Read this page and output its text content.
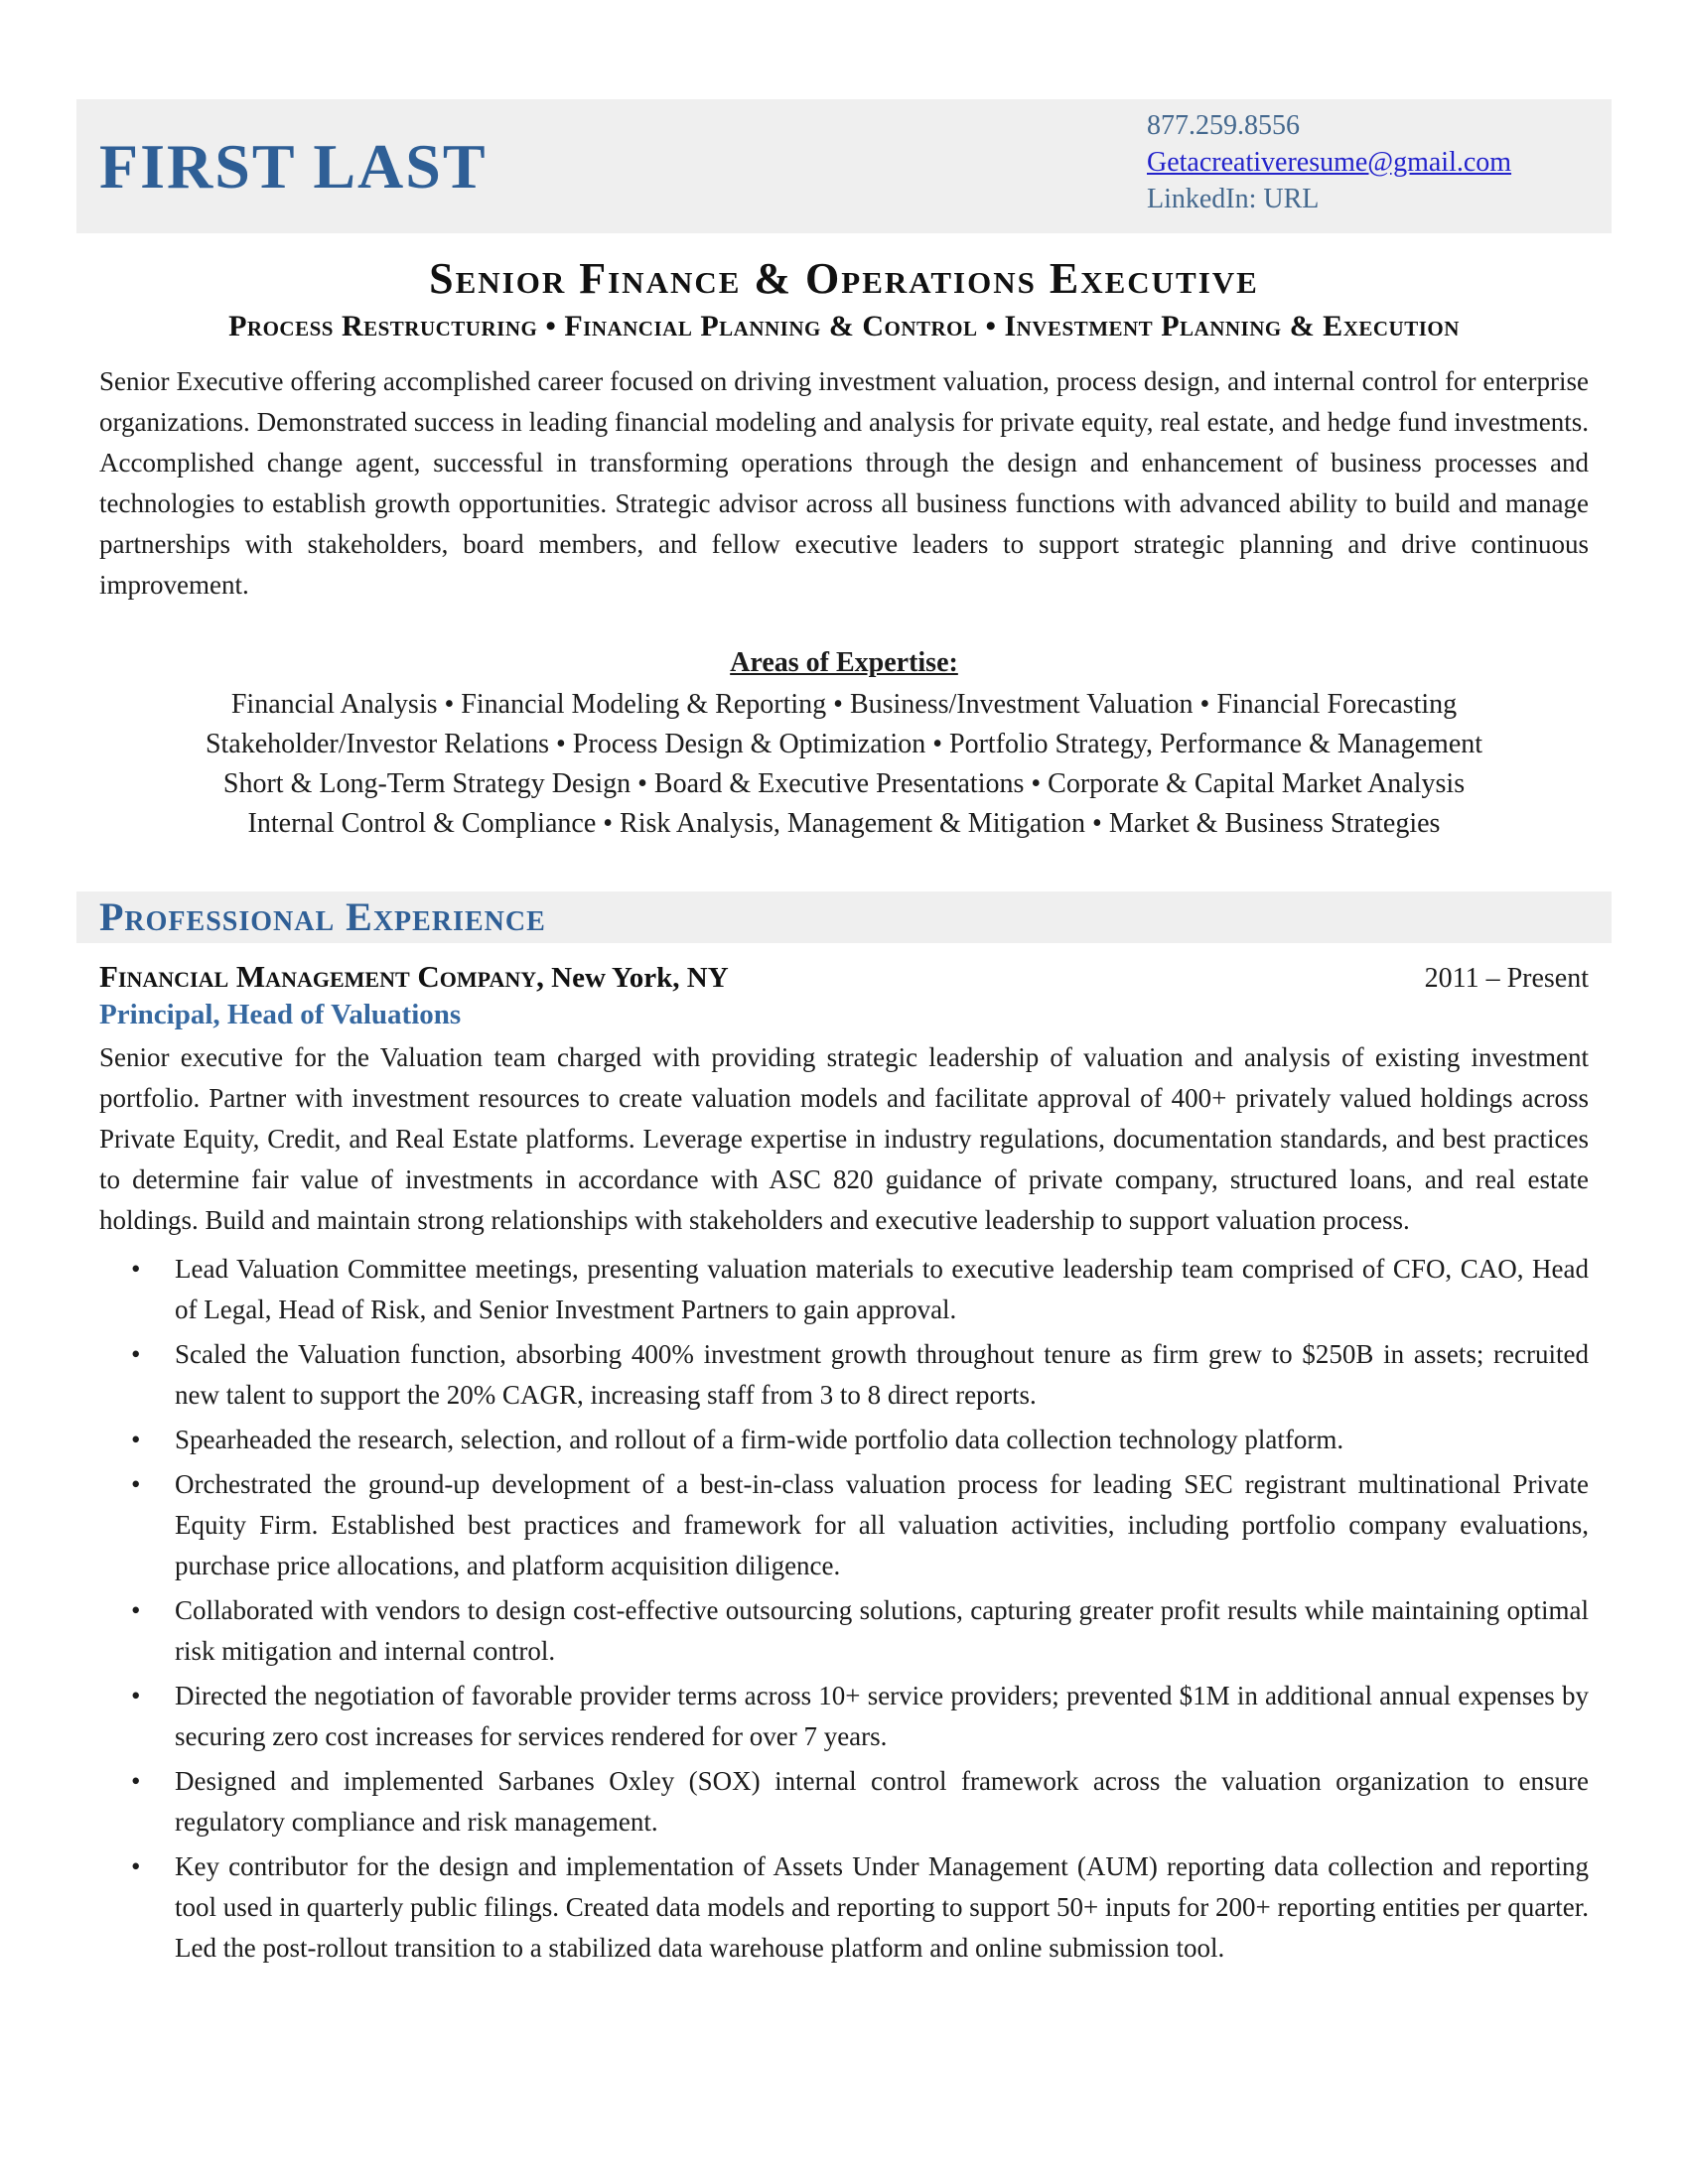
FIRST LAST
877.259.8556
Getacreativeresume@gmail.com
LinkedIn: URL
Senior Finance & Operations Executive
Process Restructuring • Financial Planning & Control • Investment Planning & Execution

Senior Executive offering accomplished career focused on driving investment valuation, process design, and internal control for enterprise organizations. Demonstrated success in leading financial modeling and analysis for private equity, real estate, and hedge fund investments. Accomplished change agent, successful in transforming operations through the design and enhancement of business processes and technologies to establish growth opportunities. Strategic advisor across all business functions with advanced ability to build and manage partnerships with stakeholders, board members, and fellow executive leaders to support strategic planning and drive continuous improvement.

Areas of Expertise:
Financial Analysis • Financial Modeling & Reporting • Business/Investment Valuation • Financial Forecasting
Stakeholder/Investor Relations • Process Design & Optimization • Portfolio Strategy, Performance & Management
Short & Long-Term Strategy Design • Board & Executive Presentations • Corporate & Capital Market Analysis
Internal Control & Compliance • Risk Analysis, Management & Mitigation • Market & Business Strategies
Professional Experience
Financial Management Company, New York, NY	2011 – Present
Principal, Head of Valuations

Senior executive for the Valuation team charged with providing strategic leadership of valuation and analysis of existing investment portfolio. Partner with investment resources to create valuation models and facilitate approval of 400+ privately valued holdings across Private Equity, Credit, and Real Estate platforms. Leverage expertise in industry regulations, documentation standards, and best practices to determine fair value of investments in accordance with ASC 820 guidance of private company, structured loans, and real estate holdings. Build and maintain strong relationships with stakeholders and executive leadership to support valuation process.

• Lead Valuation Committee meetings, presenting valuation materials to executive leadership team comprised of CFO, CAO, Head of Legal, Head of Risk, and Senior Investment Partners to gain approval.
• Scaled the Valuation function, absorbing 400% investment growth throughout tenure as firm grew to $250B in assets; recruited new talent to support the 20% CAGR, increasing staff from 3 to 8 direct reports.
• Spearheaded the research, selection, and rollout of a firm-wide portfolio data collection technology platform.
• Orchestrated the ground-up development of a best-in-class valuation process for leading SEC registrant multinational Private Equity Firm. Established best practices and framework for all valuation activities, including portfolio company evaluations, purchase price allocations, and platform acquisition diligence.
• Collaborated with vendors to design cost-effective outsourcing solutions, capturing greater profit results while maintaining optimal risk mitigation and internal control.
• Directed the negotiation of favorable provider terms across 10+ service providers; prevented $1M in additional annual expenses by securing zero cost increases for services rendered for over 7 years.
• Designed and implemented Sarbanes Oxley (SOX) internal control framework across the valuation organization to ensure regulatory compliance and risk management.
• Key contributor for the design and implementation of Assets Under Management (AUM) reporting data collection and reporting tool used in quarterly public filings. Created data models and reporting to support 50+ inputs for 200+ reporting entities per quarter. Led the post-rollout transition to a stabilized data warehouse platform and online submission tool.
